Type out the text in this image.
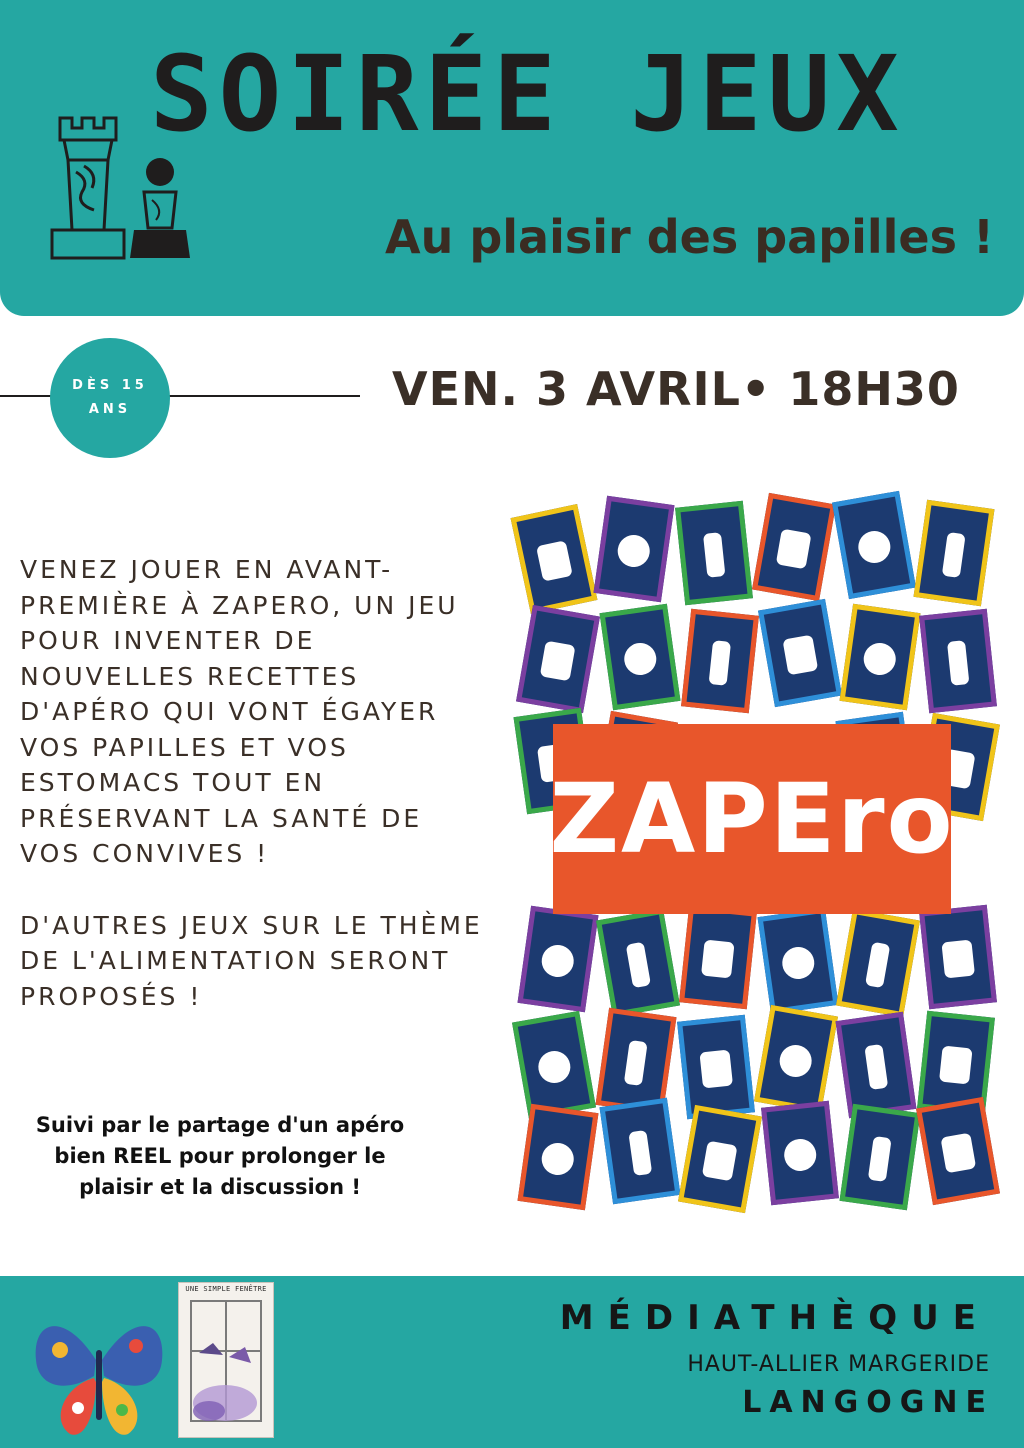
SOIRÉE JEUX
Au plaisir des papilles !
DÈS 15
ANS	VEN. 3 AVRIL• 18H30

VENEZ JOUER EN AVANT-PREMIÈRE À ZAPERO, UN JEU POUR INVENTER DE NOUVELLES RECETTES D'APÉRO QUI VONT ÉGAYER VOS PAPILLES ET VOS ESTOMACS TOUT EN PRÉSERVANT LA SANTÉ DE VOS CONVIVES !

D'AUTRES JEUX SUR LE THÈME DE L'ALIMENTATION SERONT PROPOSÉS !

Suivi par le partage d'un apéro bien REEL pour prolonger le plaisir et la discussion !
ZAPEro
UNE SIMPLE FENÊTRE
MÉDIATHÈQUE
HAUT-ALLIER MARGERIDE
LANGOGNE
